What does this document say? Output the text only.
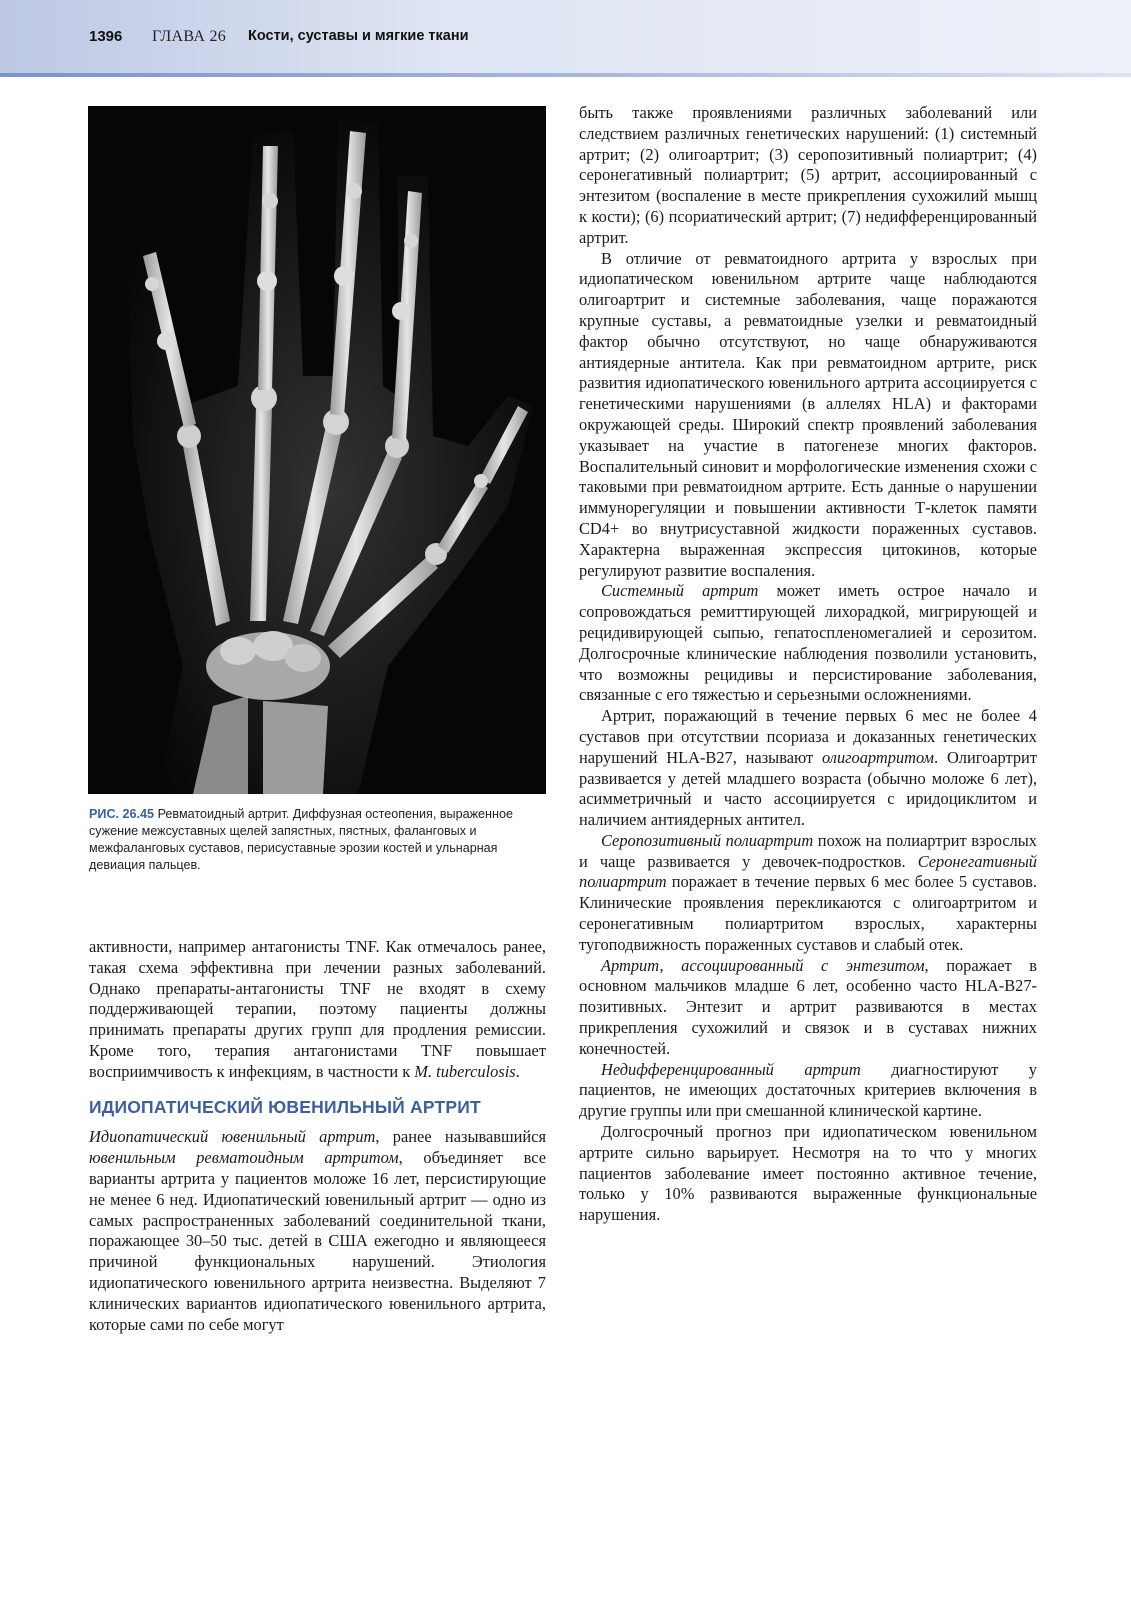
1396 ГЛАВА 26 Кости, суставы и мягкие ткани
РИС. 26.45 Ревматоидный артрит. Диффузная остеопения, выраженное сужение межсуставных щелей запястных, пястных, фаланговых и межфаланговых суставов, периcуставные эрозии костей и ульнарная девиация пальцев.

активности, например антагонисты TNF. Как отмечалось ранее, такая схема эффективна при лечении разных заболеваний. Однако препараты-антагонисты TNF не входят в схему поддерживающей терапии, поэтому пациенты должны принимать препараты других групп для продления ремиссии. Кроме того, терапия антагонистами TNF повышает восприимчивость к инфекциям, в частности к M. tuberculosis.

ИДИОПАТИЧЕСКИЙ ЮВЕНИЛЬНЫЙ АРТРИТ

Идиопатический ювенильный артрит, ранее называвшийся ювенильным ревматоидным артритом, объединяет все варианты артрита у пациентов моложе 16 лет, персистирующие не менее 6 нед. Идиопатический ювенильный артрит — одно из самых распространенных заболеваний соединительной ткани, поражающее 30–50 тыс. детей в США ежегодно и являющееся причиной функциональных нарушений. Этиология идиопатического ювенильного артрита неизвестна. Выделяют 7 клинических вариантов идиопатического ювенильного артрита, которые сами по себе могут

быть также проявлениями различных заболеваний или следствием различных генетических нарушений: (1) системный артрит; (2) олигоартрит; (3) серопозитивный полиартрит; (4) серонегативный полиартрит; (5) артрит, ассоциированный с энтезитом (воспаление в месте прикрепления сухожилий мышц к кости); (6) псориатический артрит; (7) недифференцированный артрит.

В отличие от ревматоидного артрита у взрослых при идиопатическом ювенильном артрите чаще наблюдаются олигоартрит и системные заболевания, чаще поражаются крупные суставы, а ревматоидные узелки и ревматоидный фактор обычно отсутствуют, но чаще обнаруживаются антиядерные антитела. Как при ревматоидном артрите, риск развития идиопатического ювенильного артрита ассоциируется с генетическими нарушениями (в аллелях HLA) и факторами окружающей среды. Широкий спектр проявлений заболевания указывает на участие в патогенезе многих факторов. Воспалительный синовит и морфологические изменения схожи с таковыми при ревматоидном артрите. Есть данные о нарушении иммунорегуляции и повышении активности Т-клеток памяти CD4+ во внутрисуставной жидкости пораженных суставов. Характерна выраженная экспрессия цитокинов, которые регулируют развитие воспаления.

Системный артрит может иметь острое начало и сопровождаться ремиттирующей лихорадкой, мигрирующей и рецидивирующей сыпью, гепатоспленомегалией и серозитом. Долгосрочные клинические наблюдения позволили установить, что возможны рецидивы и персистирование заболевания, связанные с его тяжестью и серьезными осложнениями.

Артрит, поражающий в течение первых 6 мес не более 4 суставов при отсутствии псориаза и доказанных генетических нарушений HLA-B27, называют олигоартритом. Олигоартрит развивается у детей младшего возраста (обычно моложе 6 лет), асимметричный и часто ассоциируется с иридоциклитом и наличием антиядерных антител.

Серопозитивный полиартрит похож на полиартрит взрослых и чаще развивается у девочек-подростков. Серонегативный полиартрит поражает в течение первых 6 мес более 5 суставов. Клинические проявления перекликаются с олигоартритом и серонегативным полиартритом взрослых, характерны тугоподвижность пораженных суставов и слабый отек.

Артрит, ассоциированный с энтезитом, поражает в основном мальчиков младше 6 лет, особенно часто HLA-B27-позитивных. Энтезит и артрит развиваются в местах прикрепления сухожилий и связок и в суставах нижних конечностей.

Недифференцированный артрит диагностируют у пациентов, не имеющих достаточных критериев включения в другие группы или при смешанной клинической картине.

Долгосрочный прогноз при идиопатическом ювенильном артрите сильно варьирует. Несмотря на то что у многих пациентов заболевание имеет постоянно активное течение, только у 10% развиваются выраженные функциональные нарушения.
